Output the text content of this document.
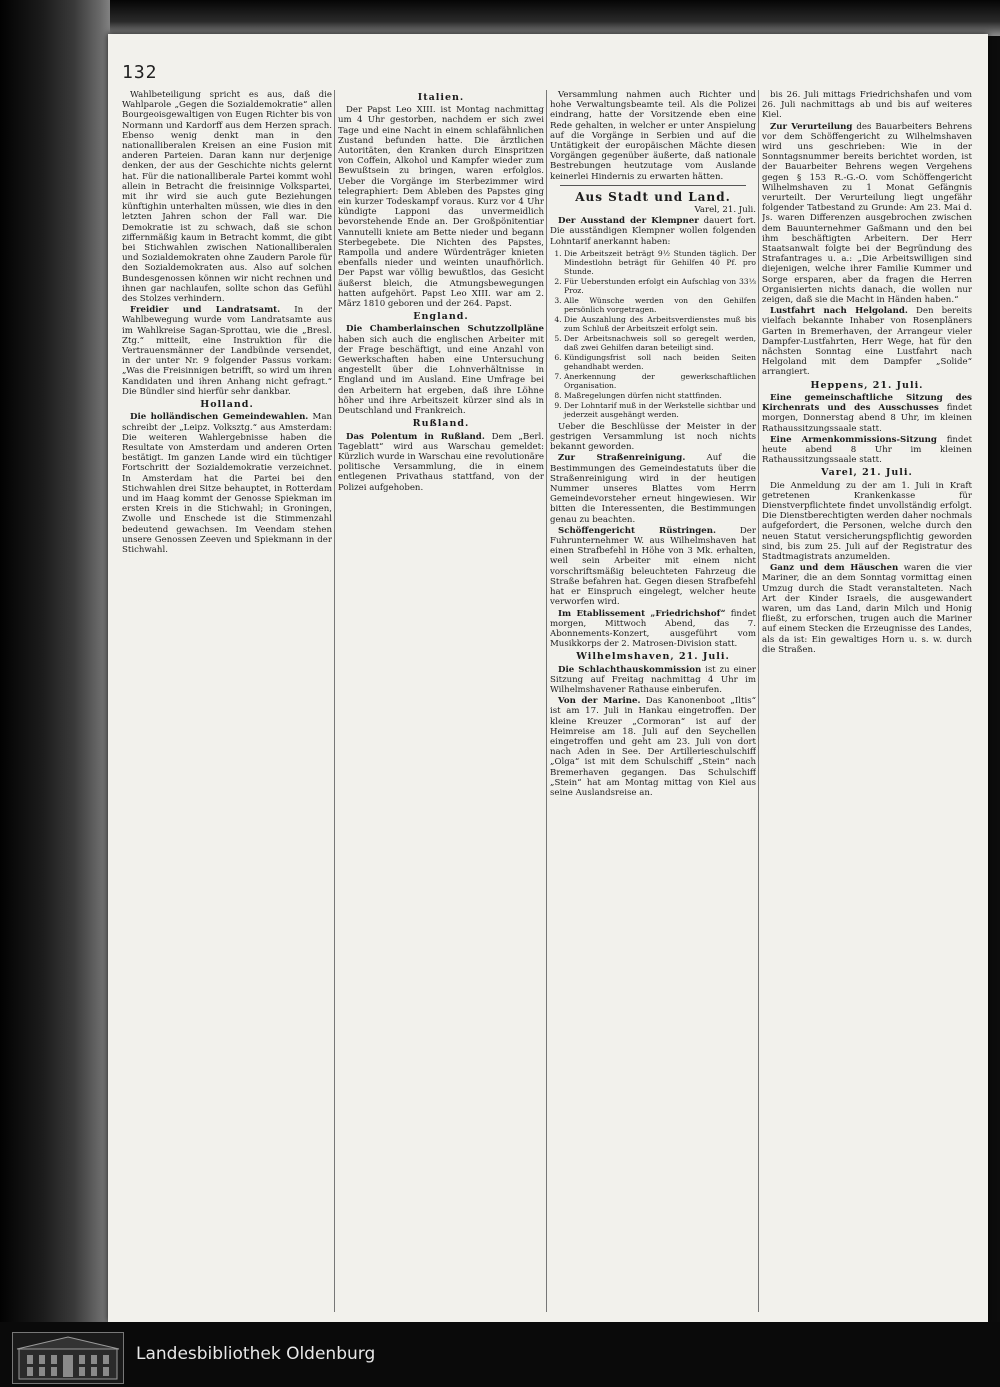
132

Wahlbeteiligung spricht es aus, daß die Wahlparole „Gegen die Sozialdemokratie“ allen Bourgeoisgewaltigen von Eugen Richter bis von Normann und Kardorff aus dem Herzen sprach. Ebenso wenig denkt man in den nationalliberalen Kreisen an eine Fusion mit anderen Parteien. Daran kann nur derjenige denken, der aus der Geschichte nichts gelernt hat. Für die nationalliberale Partei kommt wohl allein in Betracht die freisinnige Volkspartei, mit ihr wird sie auch gute Beziehungen künftighin unterhalten müssen, wie dies in den letzten Jahren schon der Fall war. Die Demokratie ist zu schwach, daß sie schon ziffernmäßig kaum in Betracht kommt, die gibt bei Stichwahlen zwischen Nationalliberalen und Sozialdemokraten ohne Zaudern Parole für den Sozialdemokraten aus. Also auf solchen Bundesgenossen können wir nicht rechnen und ihnen gar nachlaufen, sollte schon das Gefühl des Stolzes verhindern.

Freidier und Landratsamt. In der Wahlbewegung wurde vom Landratsamte aus im Wahlkreise Sagan-Sprottau, wie die „Bresl. Ztg.“ mitteilt, eine Instruktion für die Vertrauensmänner der Landbünde versendet, in der unter Nr. 9 folgender Passus vorkam: „Was die Freisinnigen betrifft, so wird um ihren Kandidaten und ihren Anhang nicht gefragt.“ Die Bündler sind hierfür sehr dankbar.

Holland.

Die holländischen Gemeindewahlen. Man schreibt der „Leipz. Volksztg.“ aus Amsterdam: Die weiteren Wahlergebnisse haben die Resultate von Amsterdam und anderen Orten bestätigt. Im ganzen Lande wird ein tüchtiger Fortschritt der Sozialdemokratie verzeichnet. In Amsterdam hat die Partei bei den Stichwahlen drei Sitze behauptet, in Rotterdam und im Haag kommt der Genosse Spiekman im ersten Kreis in die Stichwahl; in Groningen, Zwolle und Enschede ist die Stimmenzahl bedeutend gewachsen. Im Veendam stehen unsere Genossen Zeeven und Spiekmann in der Stichwahl.

Italien.

Der Papst Leo XIII. ist Montag nachmittag um 4 Uhr gestorben, nachdem er sich zwei Tage und eine Nacht in einem schlafähnlichen Zustand befunden hatte. Die ärztlichen Autoritäten, den Kranken durch Einspritzen von Coffein, Alkohol und Kampfer wieder zum Bewußtsein zu bringen, waren erfolglos. Ueber die Vorgänge im Sterbezimmer wird telegraphiert: Dem Ableben des Papstes ging ein kurzer Todeskampf voraus. Kurz vor 4 Uhr kündigte Lapponi das unvermeidlich bevorstehende Ende an. Der Großpönitentiar Vannutelli kniete am Bette nieder und begann Sterbegebete. Die Nichten des Papstes, Rampolla und andere Würdenträger knieten ebenfalls nieder und weinten unaufhörlich. Der Papst war völlig bewußtlos, das Gesicht äußerst bleich, die Atmungsbewegungen hatten aufgehört. Papst Leo XIII. war am 2. März 1810 geboren und der 264. Papst.

England.

Die Chamberlainschen Schutzzollpläne haben sich auch die englischen Arbeiter mit der Frage beschäftigt, und eine Anzahl von Gewerkschaften haben eine Untersuchung angestellt über die Lohnverhältnisse in England und im Ausland. Eine Umfrage bei den Arbeitern hat ergeben, daß ihre Löhne höher und ihre Arbeitszeit kürzer sind als in Deutschland und Frankreich.

Rußland.

Das Polentum in Rußland. Dem „Berl. Tageblatt“ wird aus Warschau gemeldet: Kürzlich wurde in Warschau eine revolutionäre politische Versammlung, die in einem entlegenen Privathaus stattfand, von der Polizei aufgehoben.

Versammlung nahmen auch Richter und hohe Verwaltungsbeamte teil. Als die Polizei eindrang, hatte der Vorsitzende eben eine Rede gehalten, in welcher er unter Anspielung auf die Vorgänge in Serbien und auf die Untätigkeit der europäischen Mächte diesen Vorgängen gegenüber äußerte, daß nationale Bestrebungen heutzutage vom Auslande keinerlei Hindernis zu erwarten hätten.

Aus Stadt und Land.

Varel, 21. Juli.

Der Ausstand der Klempner dauert fort. Die ausständigen Klempner wollen folgenden Lohntarif anerkannt haben:

1. Die Arbeitszeit beträgt 9½ Stunden täglich. Der Mindestlohn beträgt für Gehilfen 40 Pf. pro Stunde.
2. Für Ueberstunden erfolgt ein Aufschlag von 33⅓ Proz.
3. Alle Wünsche werden von den Gehilfen persönlich vorgetragen.
4. Die Auszahlung des Arbeitsverdienstes muß bis zum Schluß der Arbeitszeit erfolgt sein.
5. Der Arbeitsnachweis soll so geregelt werden, daß zwei Gehilfen daran beteiligt sind.
6. Kündigungsfrist soll nach beiden Seiten gehandhabt werden.
7. Anerkennung der gewerkschaftlichen Organisation.
8. Maßregelungen dürfen nicht stattfinden.
9. Der Lohntarif muß in der Werkstelle sichtbar und jederzeit ausgehängt werden.

Ueber die Beschlüsse der Meister in der gestrigen Versammlung ist noch nichts bekannt geworden.

Zur Straßenreinigung. Auf die Bestimmungen des Gemeindestatuts über die Straßenreinigung wird in der heutigen Nummer unseres Blattes vom Herrn Gemeindevorsteher erneut hingewiesen. Wir bitten die Interessenten, die Bestimmungen genau zu beachten.

Schöffengericht Rüstringen.	Der Fuhrunternehmer W. aus Wilhelmshaven hat einen Strafbefehl in Höhe von 3 Mk. erhalten, weil sein Arbeiter mit einem nicht vorschriftsmäßig beleuchteten Fahrzeug die Straße befahren hat. Gegen diesen Strafbefehl hat er Einspruch eingelegt, welcher heute verworfen wird.

Im Etablissement „Friedrichshof“ findet morgen, Mittwoch Abend, das 7. Abonnements-Konzert, ausgeführt vom Musikkorps der 2. Matrosen-Division statt.

Wilhelmshaven, 21. Juli.

Die Schlachthauskommission ist zu einer Sitzung auf Freitag nachmittag 4 Uhr im Wilhelmshavener Rathause einberufen.

Von der Marine. Das Kanonenboot „Iltis“ ist am 17. Juli in Hankau eingetroffen. Der kleine Kreuzer „Cormoran“ ist auf der Heimreise am 18. Juli auf den Seychellen eingetroffen und geht am 23. Juli von dort nach Aden in See. Der Artillerieschulschiff „Olga“ ist mit dem Schulschiff „Stein“ nach Bremerhaven gegangen. Das Schulschiff „Stein“ hat am Montag mittag von Kiel aus seine Auslandsreise an.

bis 26. Juli mittags Friedrichshafen und vom 26. Juli nachmittags ab und bis auf weiteres Kiel.

Zur Verurteilung des Bauarbeiters Behrens vor dem Schöffengericht zu Wilhelmshaven wird uns geschrieben: Wie in der Sonntagsnummer bereits berichtet worden, ist der Bauarbeiter Behrens wegen Vergehens gegen § 153 R.-G.-O. vom Schöffengericht Wilhelmshaven zu 1 Monat Gefängnis verurteilt. Der Verurteilung liegt ungefähr folgender Tatbestand zu Grunde: Am 23. Mai d. Js. waren Differenzen ausgebrochen zwischen dem Bauunternehmer Gaßmann und den bei ihm beschäftigten Arbeitern. Der Herr Staatsanwalt folgte bei der Begründung des Strafantrages u. a.: „Die Arbeitswilligen sind diejenigen, welche ihrer Familie Kummer und Sorge ersparen, aber da fragen die Herren Organisierten nichts danach, die wollen nur zeigen, daß sie die Macht in Händen haben.“

Lustfahrt nach Helgoland. Den bereits vielfach bekannte Inhaber von Rosenpläners Garten in Bremerhaven, der Arrangeur vieler Dampfer-Lustfahrten, Herr Wege, hat für den nächsten Sonntag eine Lustfahrt nach Helgoland mit dem Dampfer „Solide“ arrangiert.

Heppens, 21. Juli.

Eine gemeinschaftliche Sitzung des Kirchenrats und des Ausschusses findet morgen, Donnerstag abend 8 Uhr, im kleinen Rathaussitzungssaale statt.

Eine Armenkommissions-Sitzung findet heute abend 8 Uhr im kleinen Rathaussitzungssaale statt.

Varel, 21. Juli.

Die Anmeldung zu der am 1. Juli in Kraft getretenen Krankenkasse für Dienstverpflichtete findet unvollständig erfolgt. Die Dienstberechtigten werden daher nochmals aufgefordert, die Personen, welche durch den neuen Statut versicherungspflichtig geworden sind, bis zum 25. Juli auf der Registratur des Stadtmagistrats anzumelden.

Ganz und dem Häuschen waren die vier Mariner, die an dem Sonntag vormittag einen Umzug durch die Stadt veranstalteten. Nach Art der Kinder Israels, die ausgewandert waren, um das Land, darin Milch und Honig fließt, zu erforschen, trugen auch die Mariner auf einem Stecken die Erzeugnisse des Landes, als da ist: Ein gewaltiges Horn u. s. w. durch die Straßen.

Landesbibliothek Oldenburg
